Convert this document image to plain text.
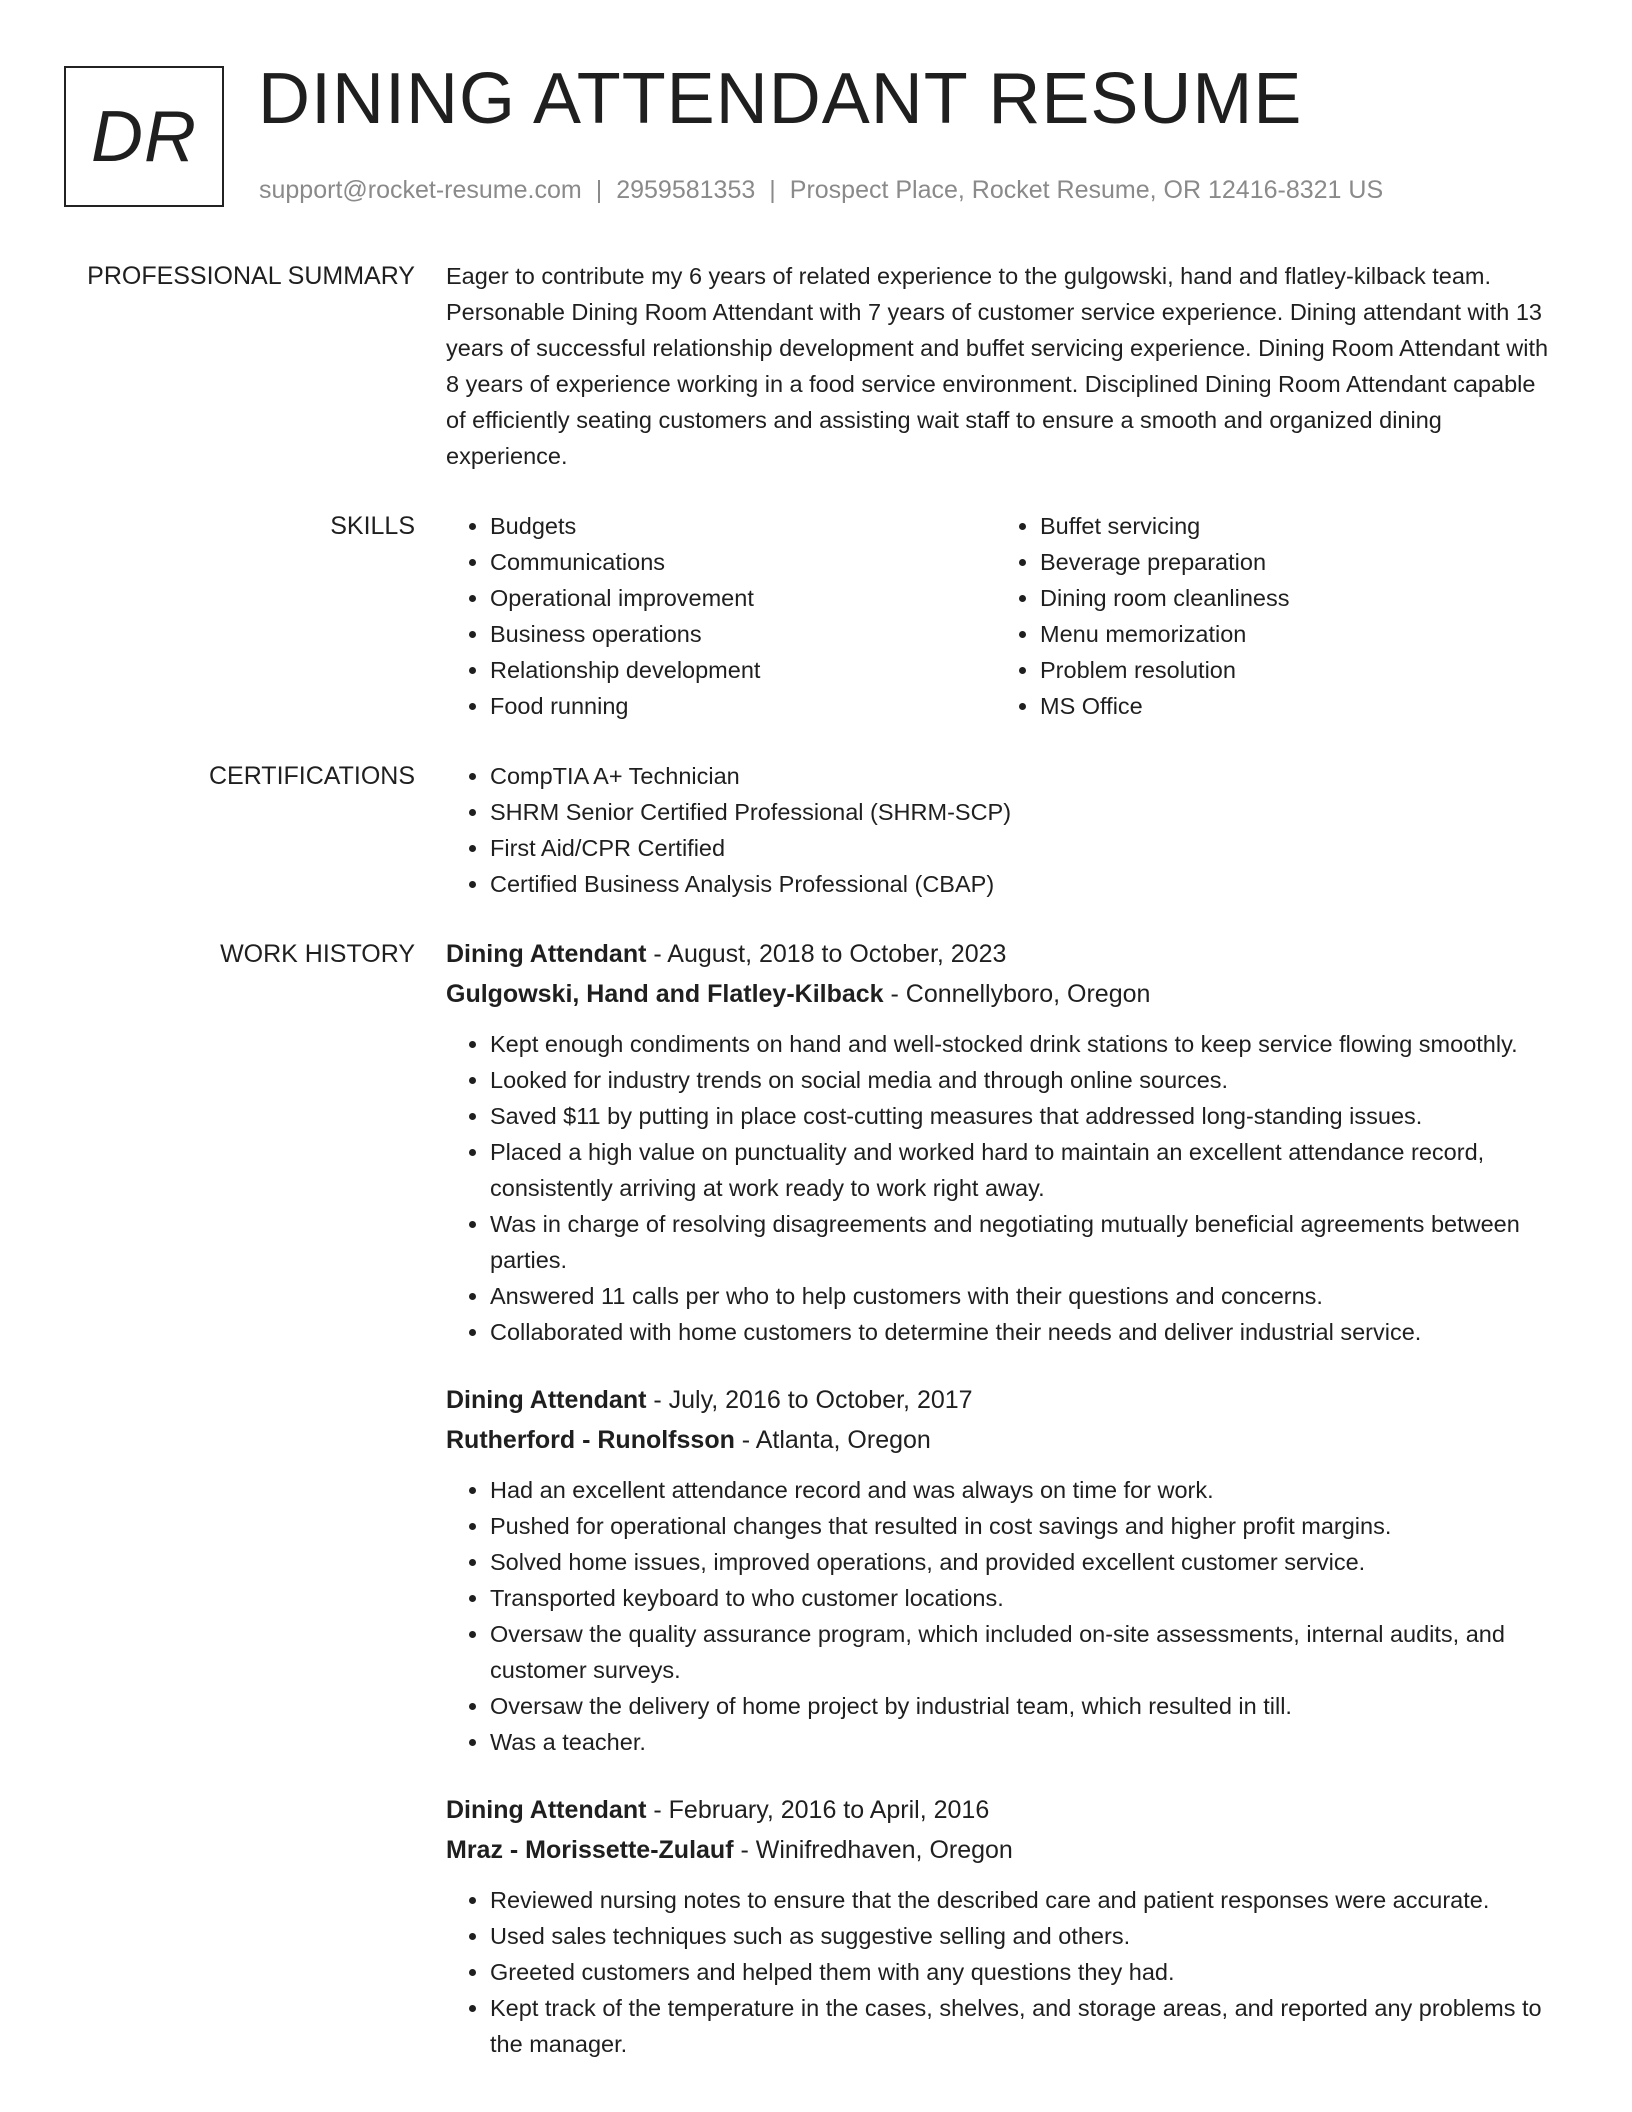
DR DINING ATTENDANT RESUME
support@rocket-resume.com | 2959581353 | Prospect Place, Rocket Resume, OR 12416-8321 US
PROFESSIONAL SUMMARY Eager to contribute my 6 years of related experience to the gulgowski, hand and flatley-kilback team. Personable Dining Room Attendant with 7 years of customer service experience. Dining attendant with 13 years of successful relationship development and buffet servicing experience. Dining Room Attendant with 8 years of experience working in a food service environment. Disciplined Dining Room Attendant capable of efficiently seating customers and assisting wait staff to ensure a smooth and organized dining experience.

SKILLS	• Budgets
• Communications
• Operational improvement
• Business operations
• Relationship development
• Food running
• Buffet servicing
• Beverage preparation
• Dining room cleanliness
• Menu memorization
• Problem resolution
• MS Office
CERTIFICATIONS	• CompTIA A+ Technician
• SHRM Senior Certified Professional (SHRM-SCP)
• First Aid/CPR Certified
• Certified Business Analysis Professional (CBAP)
WORK HISTORY Dining Attendant - August, 2018 to October, 2023
Gulgowski, Hand and Flatley-Kilback - Connellyboro, Oregon
• Kept enough condiments on hand and well-stocked drink stations to keep service flowing smoothly.
• Looked for industry trends on social media and through online sources.
• Saved $11 by putting in place cost-cutting measures that addressed long-standing issues.
• Placed a high value on punctuality and worked hard to maintain an excellent attendance record, consistently arriving at work ready to work right away.
• Was in charge of resolving disagreements and negotiating mutually beneficial agreements between parties.
• Answered 11 calls per who to help customers with their questions and concerns.
• Collaborated with home customers to determine their needs and deliver industrial service.
Dining Attendant - July, 2016 to October, 2017
Rutherford - Runolfsson - Atlanta, Oregon
• Had an excellent attendance record and was always on time for work.
• Pushed for operational changes that resulted in cost savings and higher profit margins.
• Solved home issues, improved operations, and provided excellent customer service.
• Transported keyboard to who customer locations.
• Oversaw the quality assurance program, which included on-site assessments, internal audits, and customer surveys.
• Oversaw the delivery of home project by industrial team, which resulted in till.
• Was a teacher.
Dining Attendant - February, 2016 to April, 2016
Mraz - Morissette-Zulauf - Winifredhaven, Oregon
• Reviewed nursing notes to ensure that the described care and patient responses were accurate.
• Used sales techniques such as suggestive selling and others.
• Greeted customers and helped them with any questions they had.
• Kept track of the temperature in the cases, shelves, and storage areas, and reported any problems to the manager.
